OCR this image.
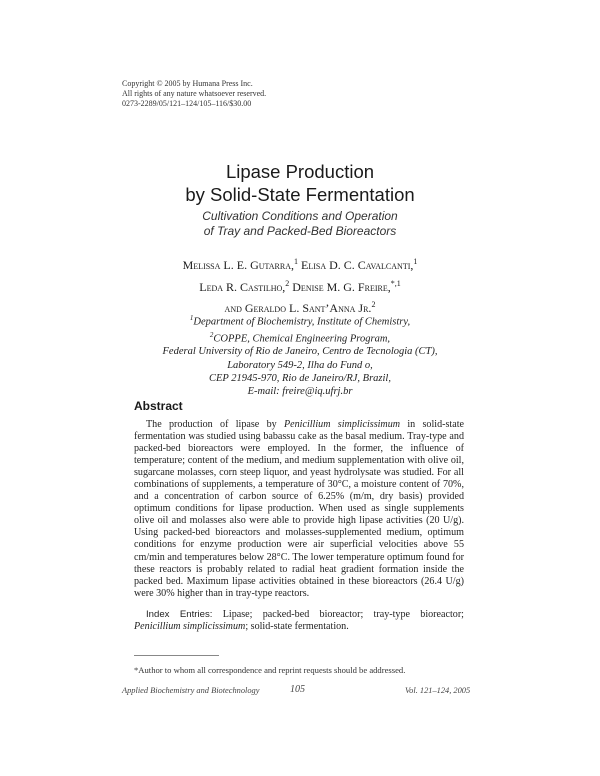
Copyright © 2005 by Humana Press Inc.
All rights of any nature whatsoever reserved.
0273-2289/05/121–124/105–116/$30.00
Lipase Production
by Solid-State Fermentation
Cultivation Conditions and Operation
of Tray and Packed-Bed Bioreactors
Melissa L. E. Gutarra,$^1$ Elisa D. C. Cavalcanti,$^1$
Leda R. Castilho,$^2$ Denise M. G. Freire,$^{*,1}$
and Geraldo L. Sant’Anna Jr.$^2$
$^1$Department of Biochemistry, Institute of Chemistry,
$^2$COPPE, Chemical Engineering Program,
Federal University of Rio de Janeiro, Centro de Tecnologia (CT),
Laboratory 549-2, Ilha do Fund o,
CEP 21945-970, Rio de Janeiro/RJ, Brazil,
E-mail: freire@iq.ufrj.br
Abstract
The production of lipase by Penicillium simplicissimum in solid-state fermentation was studied using babassu cake as the basal medium. Tray-type and packed-bed bioreactors were employed. In the former, the influence of temperature; content of the medium, and medium supplementation with olive oil, sugarcane molasses, corn steep liquor, and yeast hydrolysate was studied. For all combinations of supplements, a temperature of 30°C, a moisture content of 70%, and a concentration of carbon source of 6.25% (m/m, dry basis) provided optimum conditions for lipase production. When used as single supplements olive oil and molasses also were able to provide high lipase activities (20 U/g). Using packed-bed bioreactors and molasses-supplemented medium, optimum conditions for enzyme production were air superficial velocities above 55 cm/min and temperatures below 28°C. The lower temperature optimum found for these reactors is probably related to radial heat gradient formation inside the packed bed. Maximum lipase activities obtained in these bioreactors (26.4 U/g) were 30% higher than in tray-type reactors.
Index Entries: Lipase; packed-bed bioreactor; tray-type bioreactor; Penicillium simplicissimum; solid-state fermentation.
*Author to whom all correspondence and reprint requests should be addressed.
Applied Biochemistry and Biotechnology	105	Vol. 121–124, 2005
